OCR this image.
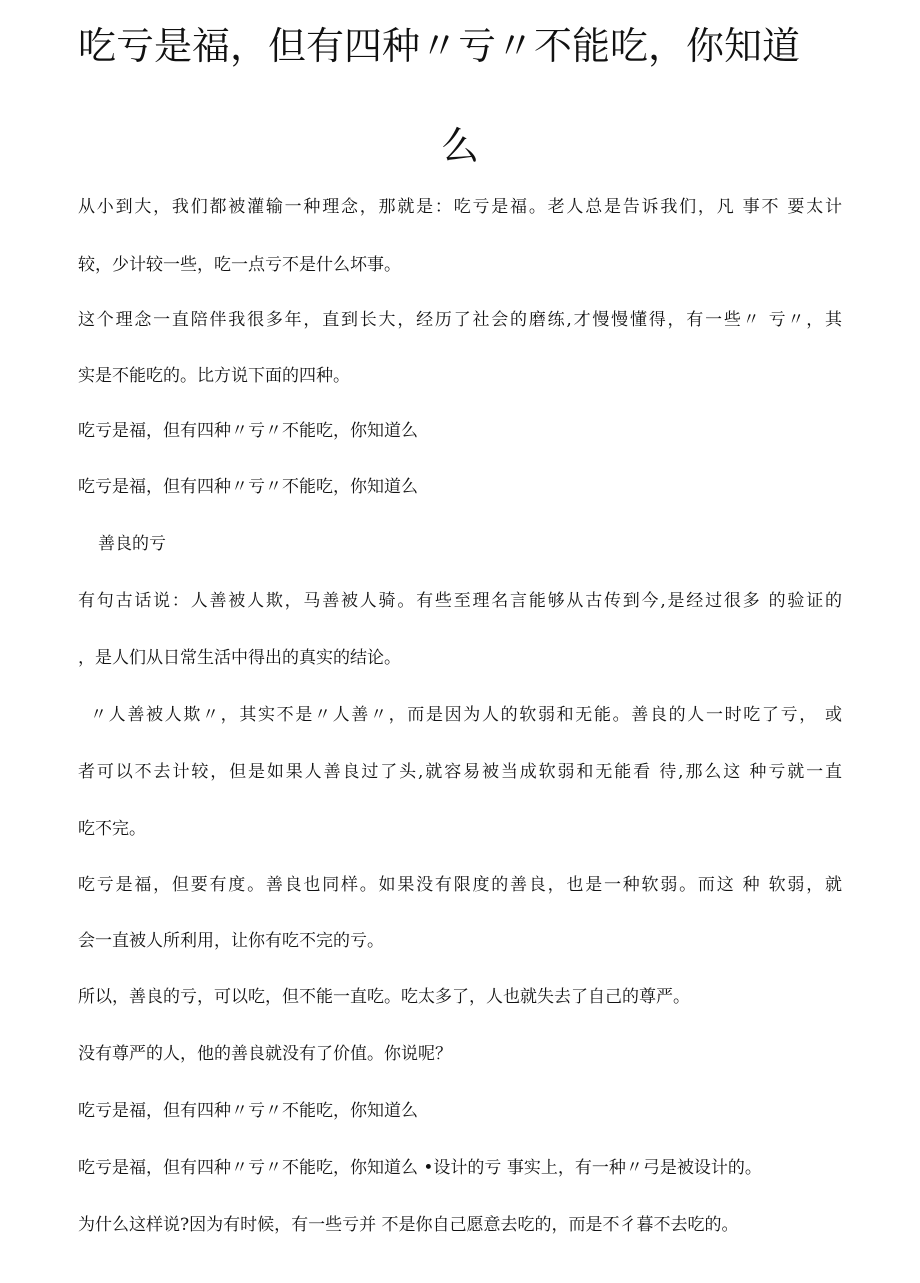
吃亏是福，但有四种〃亏〃不能吃，你知道
么

从小到大，我们都被灌输一种理念，那就是：吃亏是福。老人总是告诉我们，凡 事不 要太计

较，少计较一些，吃一点亏不是什么坏事。

这个理念一直陪伴我很多年，直到长大，经历了社会的磨练,才慢慢懂得，有一些〃 亏〃，其

实是不能吃的。比方说下面的四种。

吃亏是福，但有四种〃亏〃不能吃，你知道么

吃亏是福，但有四种〃亏〃不能吃，你知道么

善良的亏

有句古话说：人善被人欺，马善被人骑。有些至理名言能够从古传到今,是经过很多 的验证的

，是人们从日常生活中得出的真实的结论。

〃人善被人欺〃，其实不是〃人善〃，而是因为人的软弱和无能。善良的人一时吃了亏， 或

者可以不去计较，但是如果人善良过了头,就容易被当成软弱和无能看 待,那么这 种亏就一直

吃不完。

吃亏是福，但要有度。善良也同样。如果没有限度的善良，也是一种软弱。而这 种 软弱，就

会一直被人所利用，让你有吃不完的亏。

所以，善良的亏，可以吃，但不能一直吃。吃太多了，人也就失去了自己的尊严。

没有尊严的人，他的善良就没有了价值。你说呢？

吃亏是福，但有四种〃亏〃不能吃，你知道么

吃亏是福，但有四种〃亏〃不能吃，你知道么 •设计的亏 事实上，有一种〃弓是被设计的。

为什么这样说?因为有时候，有一些亏并 不是你自己愿意去吃的，而是不彳暮不去吃的。
